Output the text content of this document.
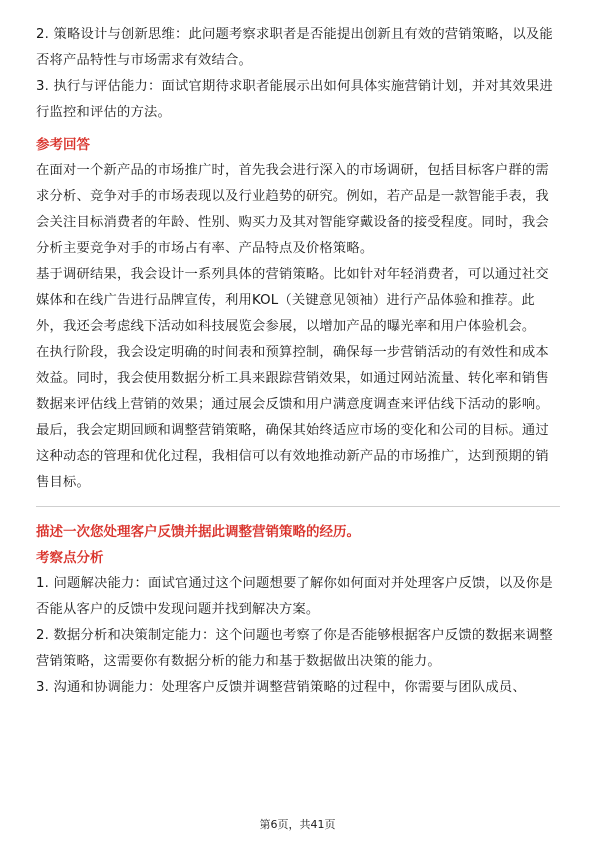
2. 策略设计与创新思维：此问题考察求职者是否能提出创新且有效的营销策略，以及能否将产品特性与市场需求有效结合。

3. 执行与评估能力：面试官期待求职者能展示出如何具体实施营销计划，并对其效果进行监控和评估的方法。

参考回答

在面对一个新产品的市场推广时，首先我会进行深入的市场调研，包括目标客户群的需求分析、竞争对手的市场表现以及行业趋势的研究。例如，若产品是一款智能手表，我会关注目标消费者的年龄、性别、购买力及其对智能穿戴设备的接受程度。同时，我会分析主要竞争对手的市场占有率、产品特点及价格策略。

基于调研结果，我会设计一系列具体的营销策略。比如针对年轻消费者，可以通过社交媒体和在线广告进行品牌宣传，利用KOL（关键意见领袖）进行产品体验和推荐。此外，我还会考虑线下活动如科技展览会参展，以增加产品的曝光率和用户体验机会。

在执行阶段，我会设定明确的时间表和预算控制，确保每一步营销活动的有效性和成本效益。同时，我会使用数据分析工具来跟踪营销效果，如通过网站流量、转化率和销售数据来评估线上营销的效果；通过展会反馈和用户满意度调查来评估线下活动的影响。

最后，我会定期回顾和调整营销策略，确保其始终适应市场的变化和公司的目标。通过这种动态的管理和优化过程，我相信可以有效地推动新产品的市场推广，达到预期的销售目标。

描述一次您处理客户反馈并据此调整营销策略的经历。

考察点分析

1. 问题解决能力：面试官通过这个问题想要了解你如何面对并处理客户反馈，以及你是否能从客户的反馈中发现问题并找到解决方案。

2. 数据分析和决策制定能力：这个问题也考察了你是否能够根据客户反馈的数据来调整营销策略，这需要你有数据分析的能力和基于数据做出决策的能力。

3. 沟通和协调能力：处理客户反馈并调整营销策略的过程中，你需要与团队成员、

第6页，共41页
